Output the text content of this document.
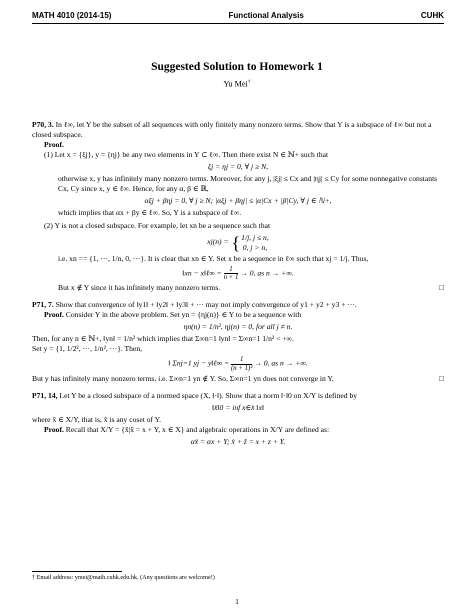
MATH 4010 (2014-15)	Functional Analysis	CUHK
Suggested Solution to Homework 1
Yu Mei†

P70, 3. In ℓ∞, let Y be the subset of all sequences with only finitely many nonzero terms. Show that Y is a subspace of ℓ∞ but not a closed subspace.

Proof.

(1) Let x = {ξj}, y = {ηj} be any two elements in Y ⊂ ℓ∞. Then there exist N ∈ ℕ+ such that

ξj = ηj = 0, ∀ j ≥ N,

otherwise x, y has infinitely many nonzero terms. Moreover, for any j, |ξj| ≤ Cx and |ηj| ≤ Cy for some nonnegative constants Cx, Cy since x, y ∈ ℓ∞. Hence, for any α, β ∈ ℝ,

αξj + βηj = 0, ∀ j ≥ N; |αξj + βηj| ≤ |α|Cx + |β|Cy, ∀ j ∈ ℕ+,

which implies that αx + βy ∈ ℓ∞. So, Y is a subspace of ℓ∞.

(2) Y is not a closed subspace. For example, let xn be a sequence such that

xj(n) = { 1/j, j ≤ n,
0, j > n,

i.e. xn == {1, ···, 1/n, 0, ···}. It is clear that xn ∈ Y. Set x be a sequence in ℓ∞ such that xj = 1/j. Thus,

‖xn − x‖ℓ∞ = $\frac{1}{n + 1} \to 0$, as n → +∞.

But x ∉ Y since it has infinitely many nonzero terms.	□

P71, 7. Show that convergence of ‖y1‖ + ‖y2‖ + ‖y3‖ + ··· may not imply convergence of y1 + y2 + y3 + ···.

Proof. Consider Y in the above problem. Set yn = {ηj(n)} ∈ Y to be a sequence with

ηn(n) = 1/n², ηj(n) = 0, for all j ≠ n.

Then, for any n ∈ ℕ+, ‖yn‖ = 1/n² which implies that Σ∞n=1 ‖yn‖ = Σ∞n=1 1/n² < +∞.

Set y = {1, 1/2², ···, 1/n², ···}. Then,

‖ Σnj=1 yj − y‖ℓ∞ = $\frac{1}{\text{(n + 1)²}} \to 0$, as n → +∞.

But y has infinitely many nonzero terms, i.e. Σ∞n=1 yn ∉ Y. So, Σ∞n=1 yn does not converge in Y.	□

P71, 14, Let Y be a closed subspace of a normed space (X, ‖·‖). Show that a norm ‖·‖0 on X/Y is defined by

‖x̂‖0 = inf x∈x̂ ‖x‖

where x̂ ∈ X/Y, that is, x̂ is any coset of Y.

Proof. Recall that X/Y = {x̂|x̂ = x + Y, x ∈ X} and algebraic operations in X/Y are defined as:

αx̂ = αx + Y; x̂ + ž = x + z + Y.

† Email address: ymei@math.cuhk.edu.hk. (Any questions are welcome!)
1
